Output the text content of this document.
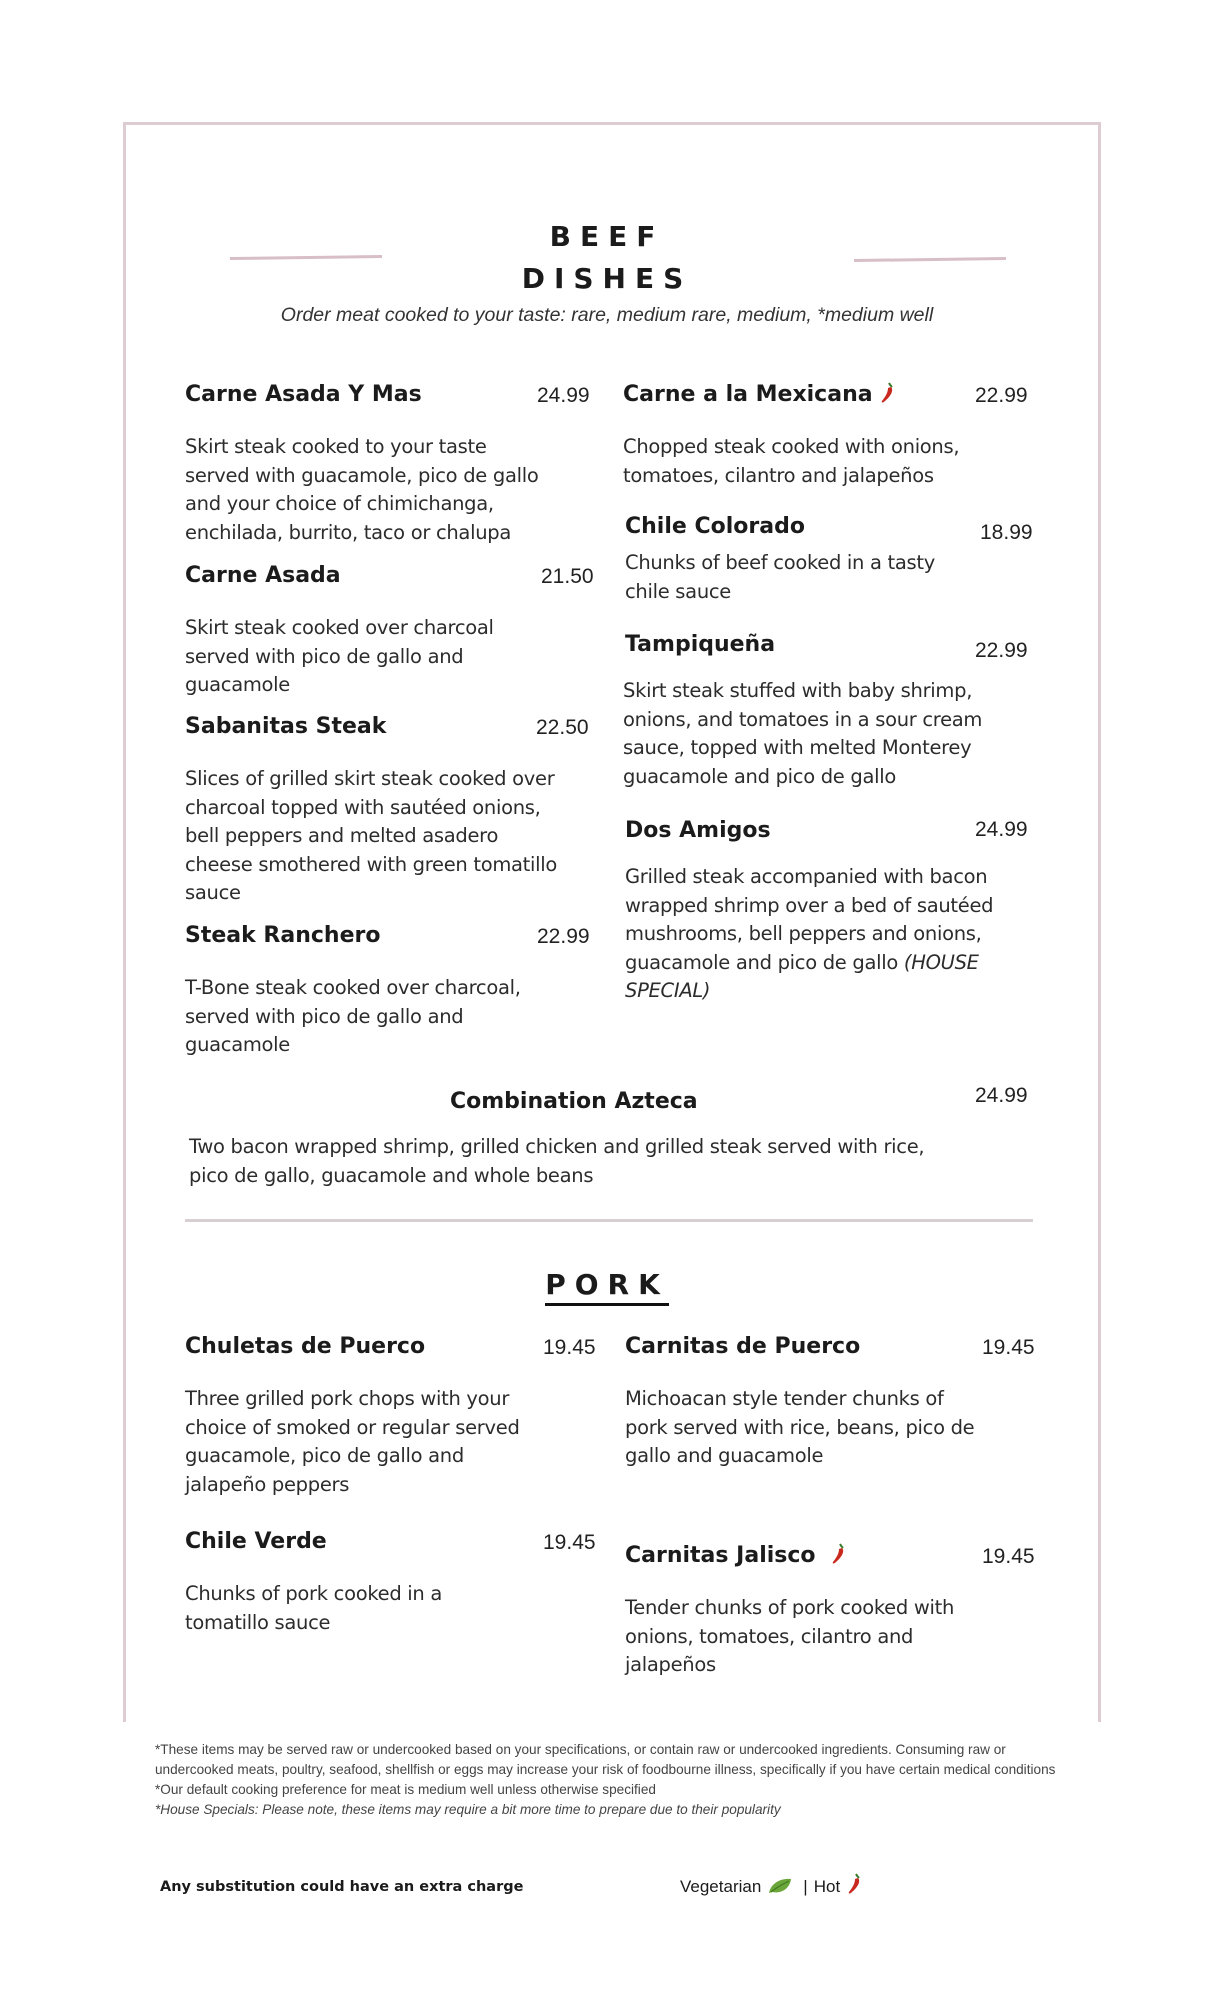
BEEF
DISHES
Order meat cooked to your taste: rare, medium rare, medium, *medium well
Carne Asada Y Mas	24.99
Skirt steak cooked to your taste served with guacamole, pico de gallo and your choice of chimichanga, enchilada, burrito, taco or chalupa
Carne Asada	21.50
Skirt steak cooked over charcoal served with pico de gallo and guacamole
Sabanitas Steak	22.50
Slices of grilled skirt steak cooked over charcoal topped with sautéed onions, bell peppers and melted asadero cheese smothered with green tomatillo sauce
Steak Ranchero	22.99
T-Bone steak cooked over charcoal, served with pico de gallo and guacamole
Carne a la Mexicana	22.99
Chopped steak cooked with onions, tomatoes, cilantro and jalapeños
Chile Colorado	18.99
Chunks of beef cooked in a tasty chile sauce
Tampiqueña	22.99
Skirt steak stuffed with baby shrimp, onions, and tomatoes in a sour cream sauce, topped with melted Monterey guacamole and pico de gallo
Dos Amigos	24.99
Grilled steak accompanied with bacon wrapped shrimp over a bed of sautéed mushrooms, bell peppers and onions, guacamole and pico de gallo (HOUSE SPECIAL)
Combination Azteca	24.99
Two bacon wrapped shrimp, grilled chicken and grilled steak served with rice, pico de gallo, guacamole and whole beans
PORK
Chuletas de Puerco	19.45
Three grilled pork chops with your choice of smoked or regular served guacamole, pico de gallo and jalapeño peppers
Chile Verde	19.45
Chunks of pork cooked in a tomatillo sauce
Carnitas de Puerco	19.45
Michoacan style tender chunks of pork served with rice, beans, pico de gallo and guacamole
Carnitas Jalisco	19.45
Tender chunks of pork cooked with onions, tomatoes, cilantro and jalapeños

*These items may be served raw or undercooked based on your specifications, or contain raw or undercooked ingredients. Consuming raw or undercooked meats, poultry, seafood, shellfish or eggs may increase your risk of foodbourne illness, specifically if you have certain medical conditions

*Our default cooking preference for meat is medium well unless otherwise specified

*House Specials: Please note, these items may require a bit more time to prepare due to their popularity

Any substitution could have an extra charge	Vegetarian | Hot
